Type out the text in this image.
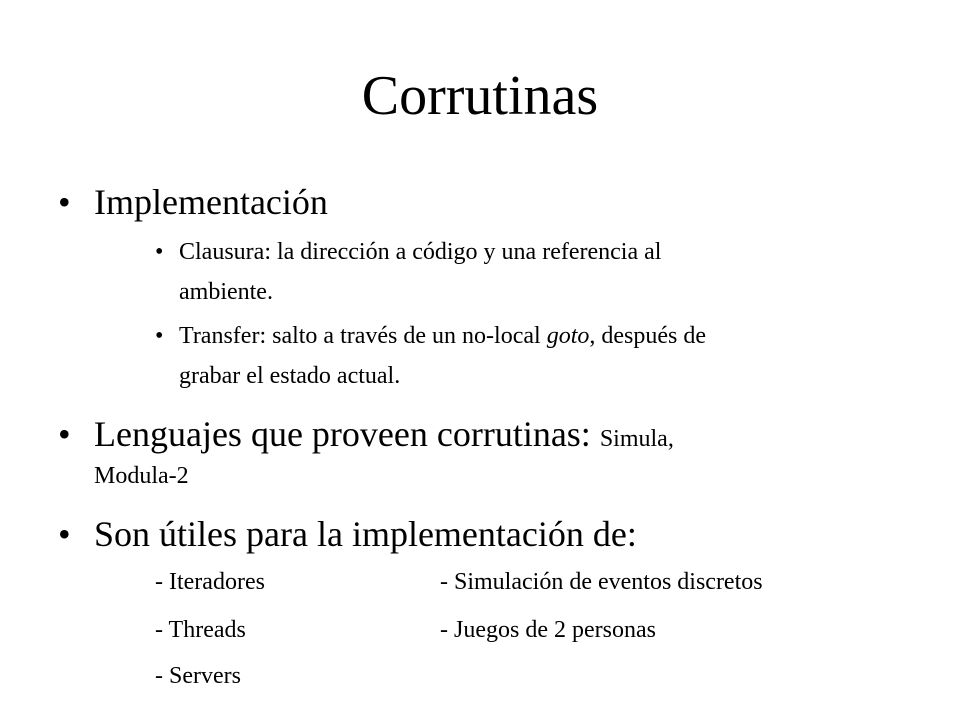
Corrutinas
• Implementación
• Clausura: la dirección a código y una referencia al
ambiente.
• Transfer: salto a través de un no-local goto, después de
grabar el estado actual.
• Lenguajes que proveen corrutinas: Simula,
Modula-2
• Son útiles para la implementación de:
- Iteradores
- Threads
- Servers
- Simulación de eventos discretos
- Juegos de 2 personas
